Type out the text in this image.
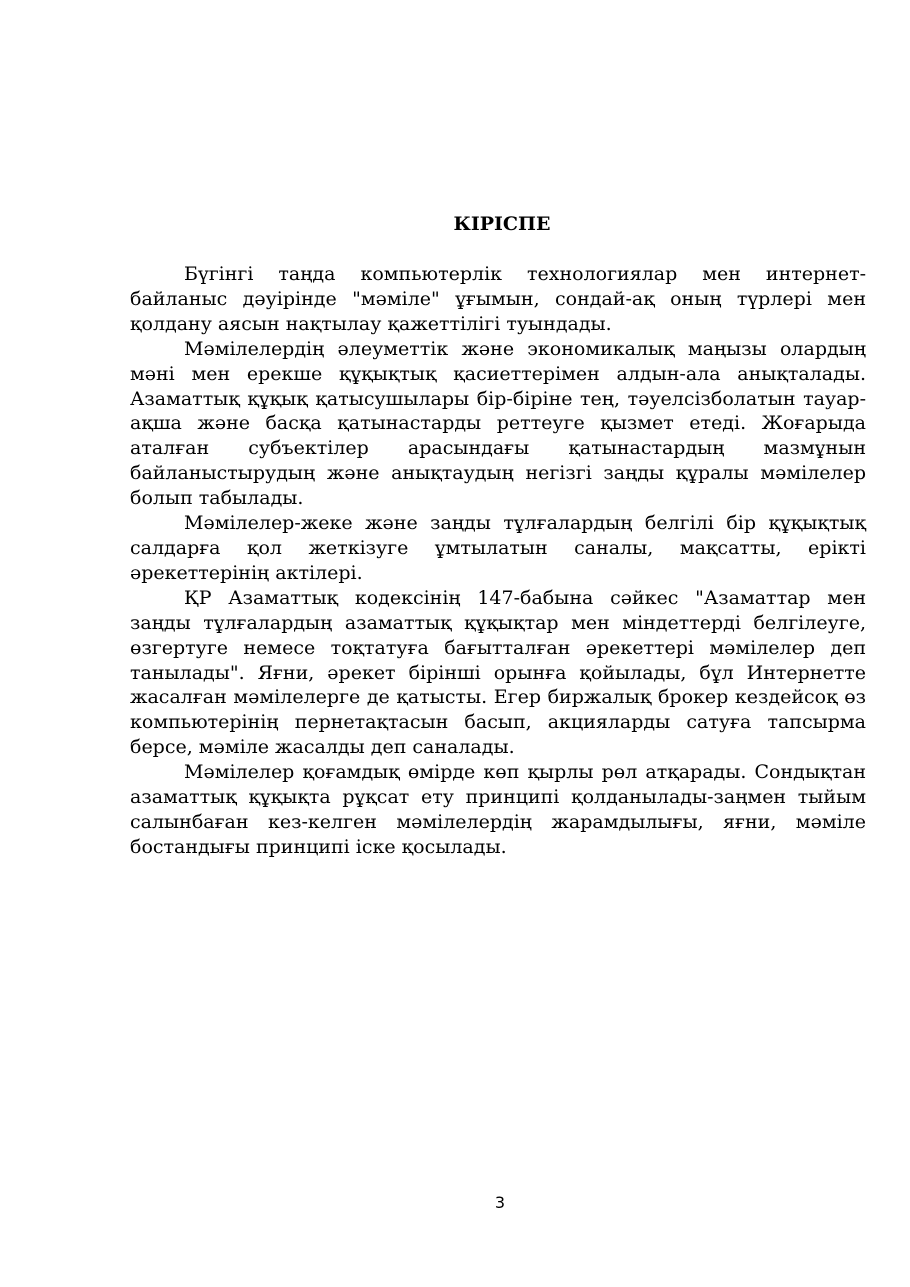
КІРІСПЕ

Бүгінгі таңда компьютерлік технологиялар мен интернет-байланыс дәуірінде "мәміле" ұғымын, сондай-ақ оның түрлері мен қолдану аясын нақтылау қажеттілігі туындады.

Мәмілелердің әлеуметтік және экономикалық маңызы олардың мәні мен ерекше құқықтық қасиеттерімен алдын-ала анықталады. Азаматтық құқық қатысушылары бір-біріне тең, тәуелсізболатын тауар-ақша және басқа қатынастарды реттеуге қызмет етеді. Жоғарыда аталған субъектілер арасындағы қатынастардың мазмұнын байланыстырудың және анықтаудың негізгі заңды құралы мәмілелер болып табылады.

Мәмілелер-жеке және заңды тұлғалардың белгілі бір құқықтық салдарға қол жеткізуге ұмтылатын саналы, мақсатты, ерікті әрекеттерінің актілері.

ҚР Азаматтық кодексінің 147-бабына сәйкес "Азаматтар мен заңды тұлғалардың азаматтық құқықтар мен міндеттерді белгілеуге, өзгертуге немесе тоқтатуға бағытталған әрекеттері мәмілелер деп танылады". Яғни, әрекет бірінші орынға қойылады, бұл Интернетте жасалған мәмілелерге де қатысты. Егер биржалық брокер кездейсоқ өз компьютерінің пернетақтасын басып, акцияларды сатуға тапсырма берсе, мәміле жасалды деп саналады.

Мәмілелер қоғамдық өмірде көп қырлы рөл атқарады. Сондықтан азаматтық құқықта рұқсат ету принципі қолданылады-заңмен тыйым салынбаған кез-келген мәмілелердің жарамдылығы, яғни, мәміле бостандығы принципі іске қосылады.

3
